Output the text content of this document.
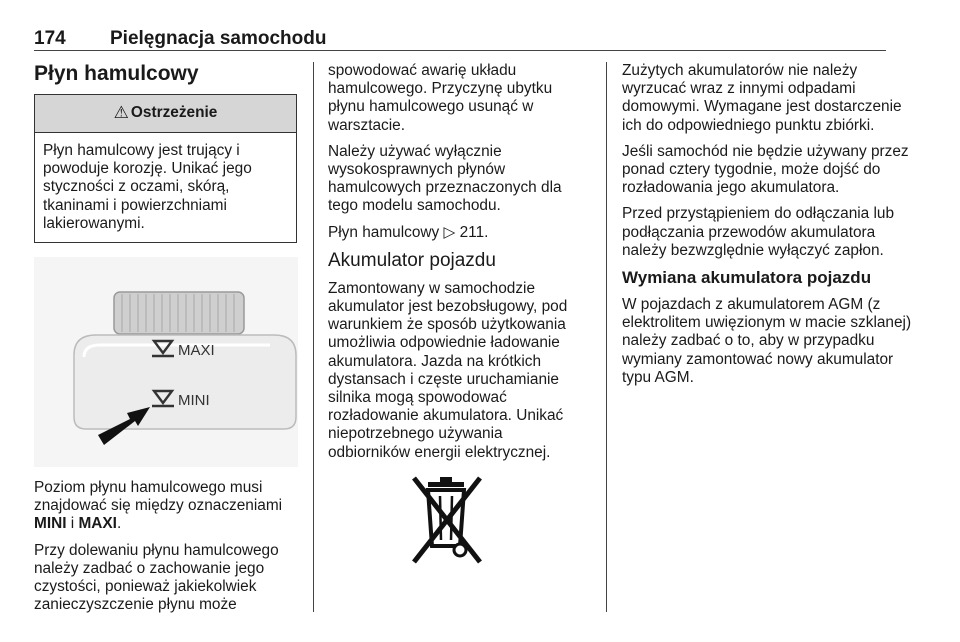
174 Pielęgnacja samochodu
Płyn hamulcowy
⚠ Ostrzeżenie
Płyn hamulcowy jest trujący i powoduje korozję. Unikać jego styczności z oczami, skórą, tkaninami i powierzchniami lakierowanymi.
MAXI
MINI

Poziom płynu hamulcowego musi znajdować się między oznaczeniami MINI i MAXI.

Przy dolewaniu płynu hamulcowego należy zadbać o zachowanie jego czystości, ponieważ jakiekolwiek zanieczyszczenie płynu może

spowodować awarię układu hamulcowego. Przyczynę ubytku płynu hamulcowego usunąć w warsztacie.

Należy używać wyłącznie wysokosprawnych płynów hamulcowych przeznaczonych dla tego modelu samochodu.

Płyn hamulcowy ▷ 211.

Akumulator pojazdu

Zamontowany w samochodzie akumulator jest bezobsługowy, pod warunkiem że sposób użytkowania umożliwia odpowiednie ładowanie akumulatora. Jazda na krótkich dystansach i częste uruchamianie silnika mogą spowodować rozładowanie akumulatora. Unikać niepotrzebnego używania odbiorników energii elektrycznej.

Zużytych akumulatorów nie należy wyrzucać wraz z innymi odpadami domowymi. Wymagane jest dostarczenie ich do odpowiedniego punktu zbiórki.

Jeśli samochód nie będzie używany przez ponad cztery tygodnie, może dojść do rozładowania jego akumulatora.

Przed przystąpieniem do odłączania lub podłączania przewodów akumulatora należy bezwzględnie wyłączyć zapłon.

Wymiana akumulatora pojazdu

W pojazdach z akumulatorem AGM (z elektrolitem uwięzionym w macie szklanej) należy zadbać o to, aby w przypadku wymiany zamontować nowy akumulator typu AGM.
